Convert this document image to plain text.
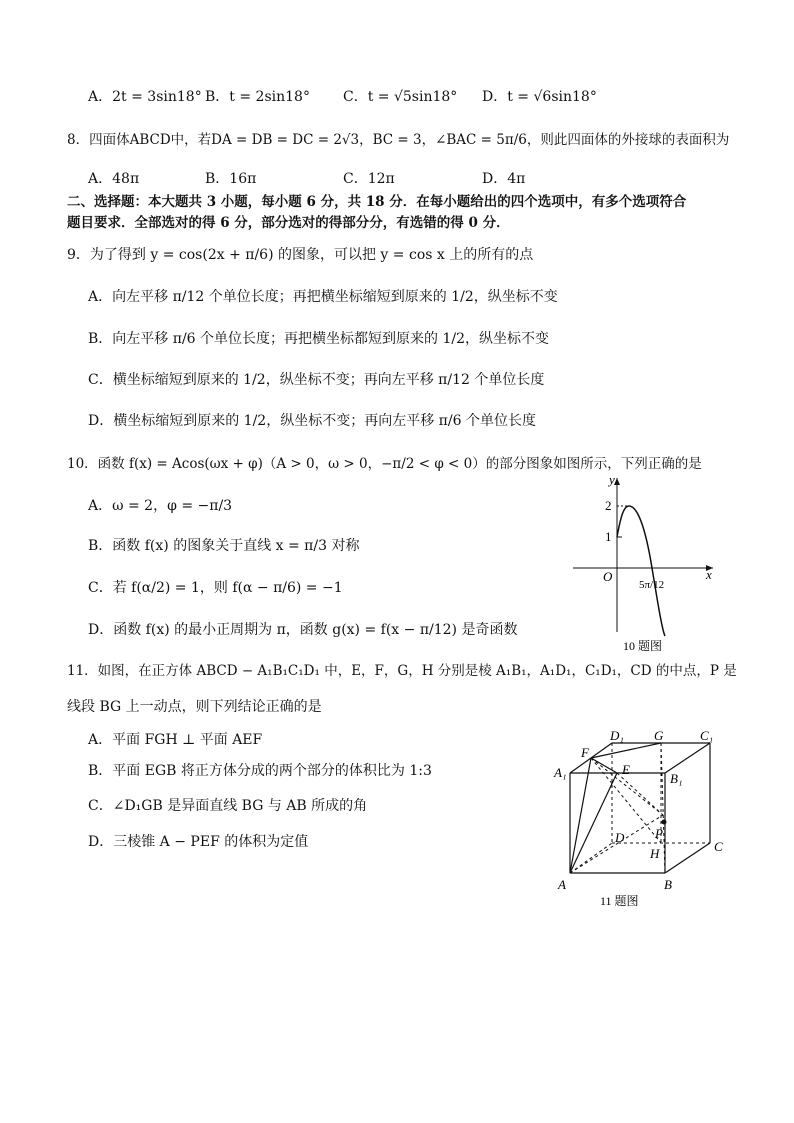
A．2t = 3sin18° B．t = 2sin18° C．t = √5sin18° D．t = √6sin18°
8．四面体ABCD中，若DA = DB = DC = 2√3，BC = 3，∠BAC = 5π/6，则此四面体的外接球的表面积为
A．48π	B．16π	C．12π	D．4π
二、选择题：本大题共 3 小题，每小题 6 分，共 18 分．在每小题给出的四个选项中，有多个选项符合
题目要求．全部选对的得 6 分，部分选对的得部分分，有选错的得 0 分．
9．为了得到 y = cos(2x + π/6) 的图象，可以把 y = cos x 上的所有的点
A．向左平移 π/12 个单位长度；再把横坐标缩短到原来的 1/2，纵坐标不变
B．向左平移 π/6 个单位长度；再把横坐标都短到原来的 1/2，纵坐标不变
C．横坐标缩短到原来的 1/2，纵坐标不变；再向左平移 π/12 个单位长度
D．横坐标缩短到原来的 1/2，纵坐标不变；再向左平移 π/6 个单位长度
10．函数 f(x) = Acos(ωx + φ)（A > 0，ω > 0，−π/2 < φ < 0）的部分图象如图所示，下列正确的是
A．ω = 2，φ = −π/3
B．函数 f(x) 的图象关于直线 x = π/3 对称
C．若 f(α/2) = 1，则 f(α − π/6) = −1
D．函数 f(x) 的最小正周期为 π，函数 g(x) = f(x − π/12) 是奇函数
y
x
O
2
1
5π/12
10 题图
11．如图，在正方体 ABCD − A₁B₁C₁D₁ 中，E，F，G，H 分别是棱 A₁B₁，A₁D₁，C₁D₁，CD 的中点，P 是
线段 BG 上一动点，则下列结论正确的是
A．平面 FGH ⊥ 平面 AEF
B．平面 EGB 将正方体分成的两个部分的体积比为 1:3
C．∠D₁GB 是异面直线 BG 与 AB 所成的角
D．三棱锥 A − PEF 的体积为定值
A	B
C
D
A₁	B₁
C₁
D₁
E
F
G
H
P
11 题图
